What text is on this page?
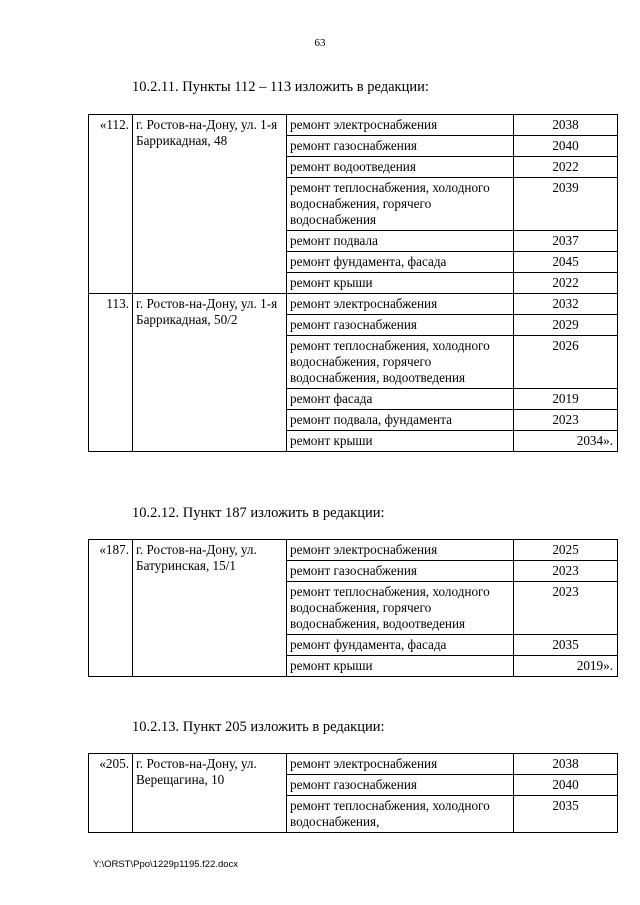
63
10.2.11. Пункты 112 – 113 изложить в редакции:
«112.	г. Ростов-на-Дону, ул. 1-я Баррикадная, 48	ремонт электроснабжения	2038
		ремонт газоснабжения	2040
		ремонт водоотведения	2022
		ремонт теплоснабжения, холодного водоснабжения, горячего водоснабжения	2039
		ремонт подвала	2037
		ремонт фундамента, фасада	2045
		ремонт крыши	2022
113.	г. Ростов-на-Дону, ул. 1-я Баррикадная, 50/2	ремонт электроснабжения	2032
		ремонт газоснабжения	2029
		ремонт теплоснабжения, холодного водоснабжения, горячего водоснабжения, водоотведения	2026
		ремонт фасада	2019
		ремонт подвала, фундамента	2023
		ремонт крыши	2034».
10.2.12. Пункт 187 изложить в редакции:
«187.	г. Ростов-на-Дону, ул. Батуринская, 15/1	ремонт электроснабжения	2025
		ремонт газоснабжения	2023
		ремонт теплоснабжения, холодного водоснабжения, горячего водоснабжения, водоотведения	2023
		ремонт фундамента, фасада	2035
		ремонт крыши	2019».
10.2.13. Пункт 205 изложить в редакции:
«205.	г. Ростов-на-Дону, ул. Верещагина, 10	ремонт электроснабжения	2038
		ремонт газоснабжения	2040
		ремонт теплоснабжения, холодного водоснабжения,	2035
Y:\ORST\Ppo\1229p1195.f22.docx
